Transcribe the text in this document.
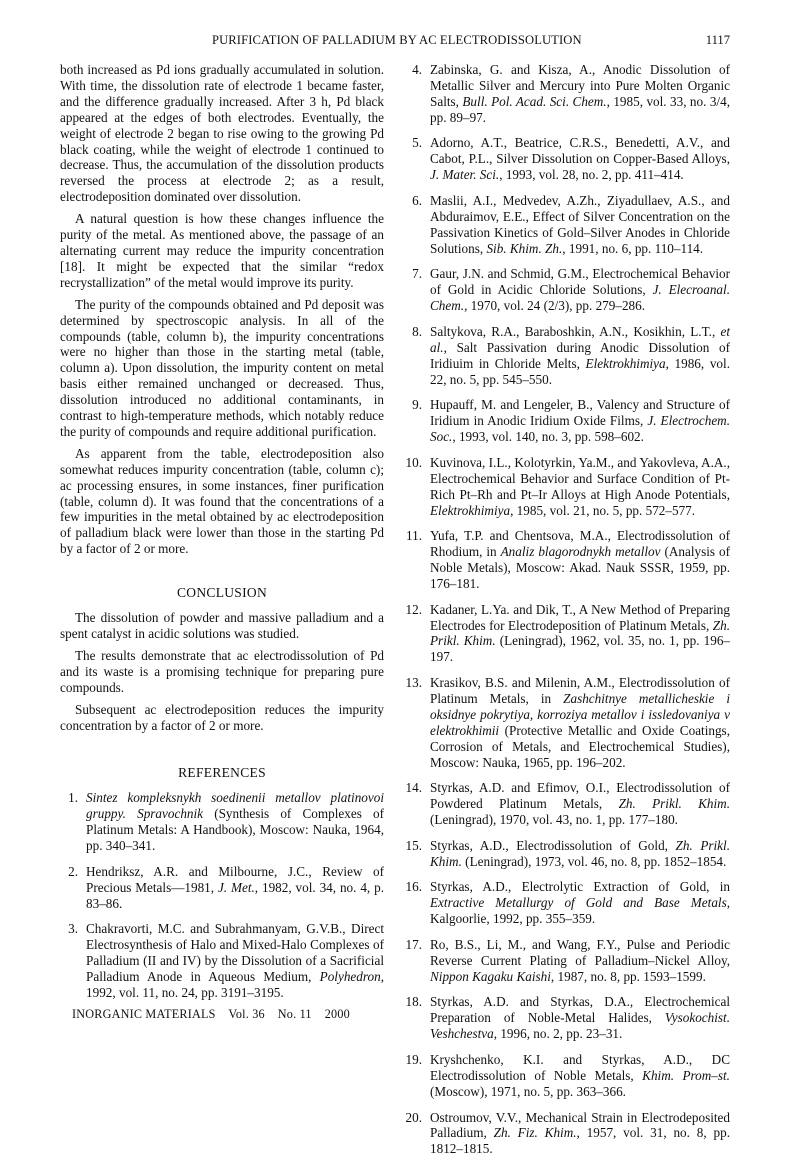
PURIFICATION OF PALLADIUM BY AC ELECTRODISSOLUTION	1117

both increased as Pd ions gradually accumulated in solution. With time, the dissolution rate of electrode 1 became faster, and the difference gradually increased. After 3 h, Pd black appeared at the edges of both electrodes. Eventually, the weight of electrode 2 began to rise owing to the growing Pd black coating, while the weight of electrode 1 continued to decrease. Thus, the accumulation of the dissolution products reversed the process at electrode 2; as a result, electrodeposition dominated over dissolution.

A natural question is how these changes influence the purity of the metal. As mentioned above, the passage of an alternating current may reduce the impurity concentration [18]. It might be expected that the similar “redox recrystallization” of the metal would improve its purity.

The purity of the compounds obtained and Pd deposit was determined by spectroscopic analysis. In all of the compounds (table, column b), the impurity concentrations were no higher than those in the starting metal (table, column a). Upon dissolution, the impurity content on metal basis either remained unchanged or decreased. Thus, dissolution introduced no additional contaminants, in contrast to high-temperature methods, which notably reduce the purity of compounds and require additional purification.

As apparent from the table, electrodeposition also somewhat reduces impurity concentration (table, column c); ac processing ensures, in some instances, finer purification (table, column d). It was found that the concentrations of a few impurities in the metal obtained by ac electrodeposition of palladium black were lower than those in the starting Pd by a factor of 2 or more.

CONCLUSION

The dissolution of powder and massive palladium and a spent catalyst in acidic solutions was studied.

The results demonstrate that ac electrodissolution of Pd and its waste is a promising technique for preparing pure compounds.

Subsequent ac electrodeposition reduces the impurity concentration by a factor of 2 or more.

REFERENCES
1. Sintez kompleksnykh soedinenii metallov platinovoi gruppy. Spravochnik (Synthesis of Complexes of Platinum Metals: A Handbook), Moscow: Nauka, 1964, pp. 340–341.
2. Hendriksz, A.R. and Milbourne, J.C., Review of Precious Metals—1981, J. Met., 1982, vol. 34, no. 4, p. 83–86.
3. Chakravorti, M.C. and Subrahmanyam, G.V.B., Direct Electrosynthesis of Halo and Mixed-Halo Complexes of Palladium (II and IV) by the Dissolution of a Sacrificial Palladium Anode in Aqueous Medium, Polyhedron, 1992, vol. 11, no. 24, pp. 3191–3195.
4. Zabinska, G. and Kisza, A., Anodic Dissolution of Metallic Silver and Mercury into Pure Molten Organic Salts, Bull. Pol. Acad. Sci. Chem., 1985, vol. 33, no. 3/4, pp. 89–97.
5. Adorno, A.T., Beatrice, C.R.S., Benedetti, A.V., and Cabot, P.L., Silver Dissolution on Copper-Based Alloys, J. Mater. Sci., 1993, vol. 28, no. 2, pp. 411–414.
6. Maslii, A.I., Medvedev, A.Zh., Ziyadullaev, A.S., and Abduraimov, E.E., Effect of Silver Concentration on the Passivation Kinetics of Gold–Silver Anodes in Chloride Solutions, Sib. Khim. Zh., 1991, no. 6, pp. 110–114.
7. Gaur, J.N. and Schmid, G.M., Electrochemical Behavior of Gold in Acidic Chloride Solutions, J. Elecroanal. Chem., 1970, vol. 24 (2/3), pp. 279–286.
8. Saltykova, R.A., Baraboshkin, A.N., Kosikhin, L.T., et al., Salt Passivation during Anodic Dissolution of Iridiuim in Chloride Melts, Elektrokhimiya, 1986, vol. 22, no. 5, pp. 545–550.
9. Hupauff, M. and Lengeler, B., Valency and Structure of Iridium in Anodic Iridium Oxide Films, J. Electrochem. Soc., 1993, vol. 140, no. 3, pp. 598–602.
10. Kuvinova, I.L., Kolotyrkin, Ya.M., and Yakovleva, A.A., Electrochemical Behavior and Surface Condition of Pt-Rich Pt–Rh and Pt–Ir Alloys at High Anode Potentials, Elektrokhimiya, 1985, vol. 21, no. 5, pp. 572–577.
11. Yufa, T.P. and Chentsova, M.A., Electrodissolution of Rhodium, in Analiz blagorodnykh metallov (Analysis of Noble Metals), Moscow: Akad. Nauk SSSR, 1959, pp. 176–181.
12. Kadaner, L.Ya. and Dik, T., A New Method of Preparing Electrodes for Electrodeposition of Platinum Metals, Zh. Prikl. Khim. (Leningrad), 1962, vol. 35, no. 1, pp. 196–197.
13. Krasikov, B.S. and Milenin, A.M., Electrodissolution of Platinum Metals, in Zashchitnye metallicheskie i oksidnye pokrytiya, korroziya metallov i issledovaniya v elektrokhimii (Protective Metallic and Oxide Coatings, Corrosion of Metals, and Electrochemical Studies), Moscow: Nauka, 1965, pp. 196–202.
14. Styrkas, A.D. and Efimov, O.I., Electrodissolution of Powdered Platinum Metals, Zh. Prikl. Khim. (Leningrad), 1970, vol. 43, no. 1, pp. 177–180.
15. Styrkas, A.D., Electrodissolution of Gold, Zh. Prikl. Khim. (Leningrad), 1973, vol. 46, no. 8, pp. 1852–1854.
16. Styrkas, A.D., Electrolytic Extraction of Gold, in Extractive Metallurgy of Gold and Base Metals, Kalgoorlie, 1992, pp. 355–359.
17. Ro, B.S., Li, M., and Wang, F.Y., Pulse and Periodic Reverse Current Plating of Palladium–Nickel Alloy, Nippon Kagaku Kaishi, 1987, no. 8, pp. 1593–1599.
18. Styrkas, A.D. and Styrkas, D.A., Electrochemical Preparation of Noble-Metal Halides, Vysokochist. Veshchestva, 1996, no. 2, pp. 23–31.
19. Kryshchenko, K.I. and Styrkas, A.D., DC Electrodissolution of Noble Metals, Khim. Prom–st. (Moscow), 1971, no. 5, pp. 363–366.
20. Ostroumov, V.V., Mechanical Strain in Electrodeposited Palladium, Zh. Fiz. Khim., 1957, vol. 31, no. 8, pp. 1812–1815.
INORGANIC MATERIALS Vol. 36 No. 11 2000
